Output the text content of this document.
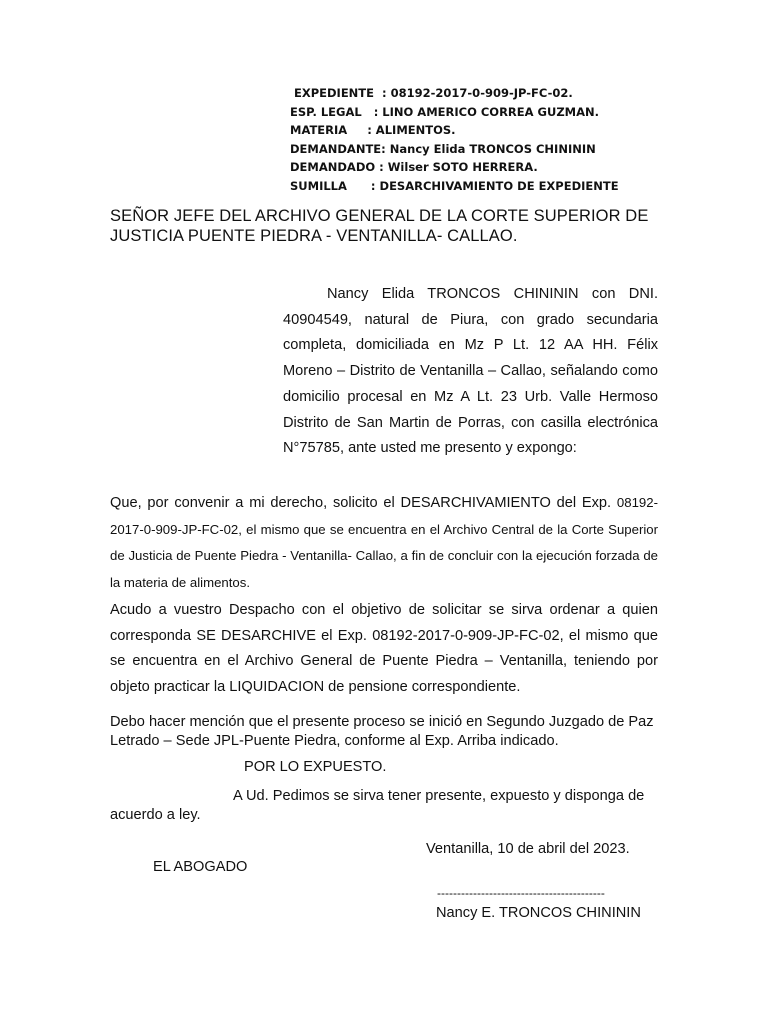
EXPEDIENTE : 08192-2017-0-909-JP-FC-02.
ESP. LEGAL : LINO AMERICO CORREA GUZMAN.
MATERIA : ALIMENTOS.
DEMANDANTE : Nancy Elida TRONCOS CHINININ
DEMANDADO : Wilser SOTO HERRERA.
SUMILLA : DESARCHIVAMIENTO DE EXPEDIENTE
SEÑOR JEFE DEL ARCHIVO GENERAL DE LA CORTE SUPERIOR DE JUSTICIA PUENTE PIEDRA - VENTANILLA- CALLAO.
Nancy Elida TRONCOS CHINININ con DNI. 40904549, natural de Piura, con grado secundaria completa, domiciliada en Mz P Lt. 12 AA HH. Félix Moreno – Distrito de Ventanilla – Callao, señalando como domicilio procesal en Mz A Lt. 23 Urb. Valle Hermoso Distrito de San Martin de Porras, con casilla electrónica N°75785, ante usted me presento y expongo:
Que, por convenir a mi derecho, solicito el DESARCHIVAMIENTO del Exp. 08192-2017-0-909-JP-FC-02, el mismo que se encuentra en el Archivo Central de la Corte Superior de Justicia de Puente Piedra - Ventanilla- Callao, a fin de concluir con la ejecución forzada de la materia de alimentos.
Acudo a vuestro Despacho con el objetivo de solicitar se sirva ordenar a quien corresponda SE DESARCHIVE el Exp. 08192-2017-0-909-JP-FC-02, el mismo que se encuentra en el Archivo General de Puente Piedra – Ventanilla, teniendo por objeto practicar la LIQUIDACION de pensione correspondiente.
Debo hacer mención que el presente proceso se inició en Segundo Juzgado de Paz Letrado – Sede JPL-Puente Piedra, conforme al Exp. Arriba indicado.
POR LO EXPUESTO.
A Ud. Pedimos se sirva tener presente, expuesto y disponga de acuerdo a ley.
Ventanilla, 10 de abril del 2023.
EL ABOGADO
------------------------------------------
Nancy E. TRONCOS CHINININ
